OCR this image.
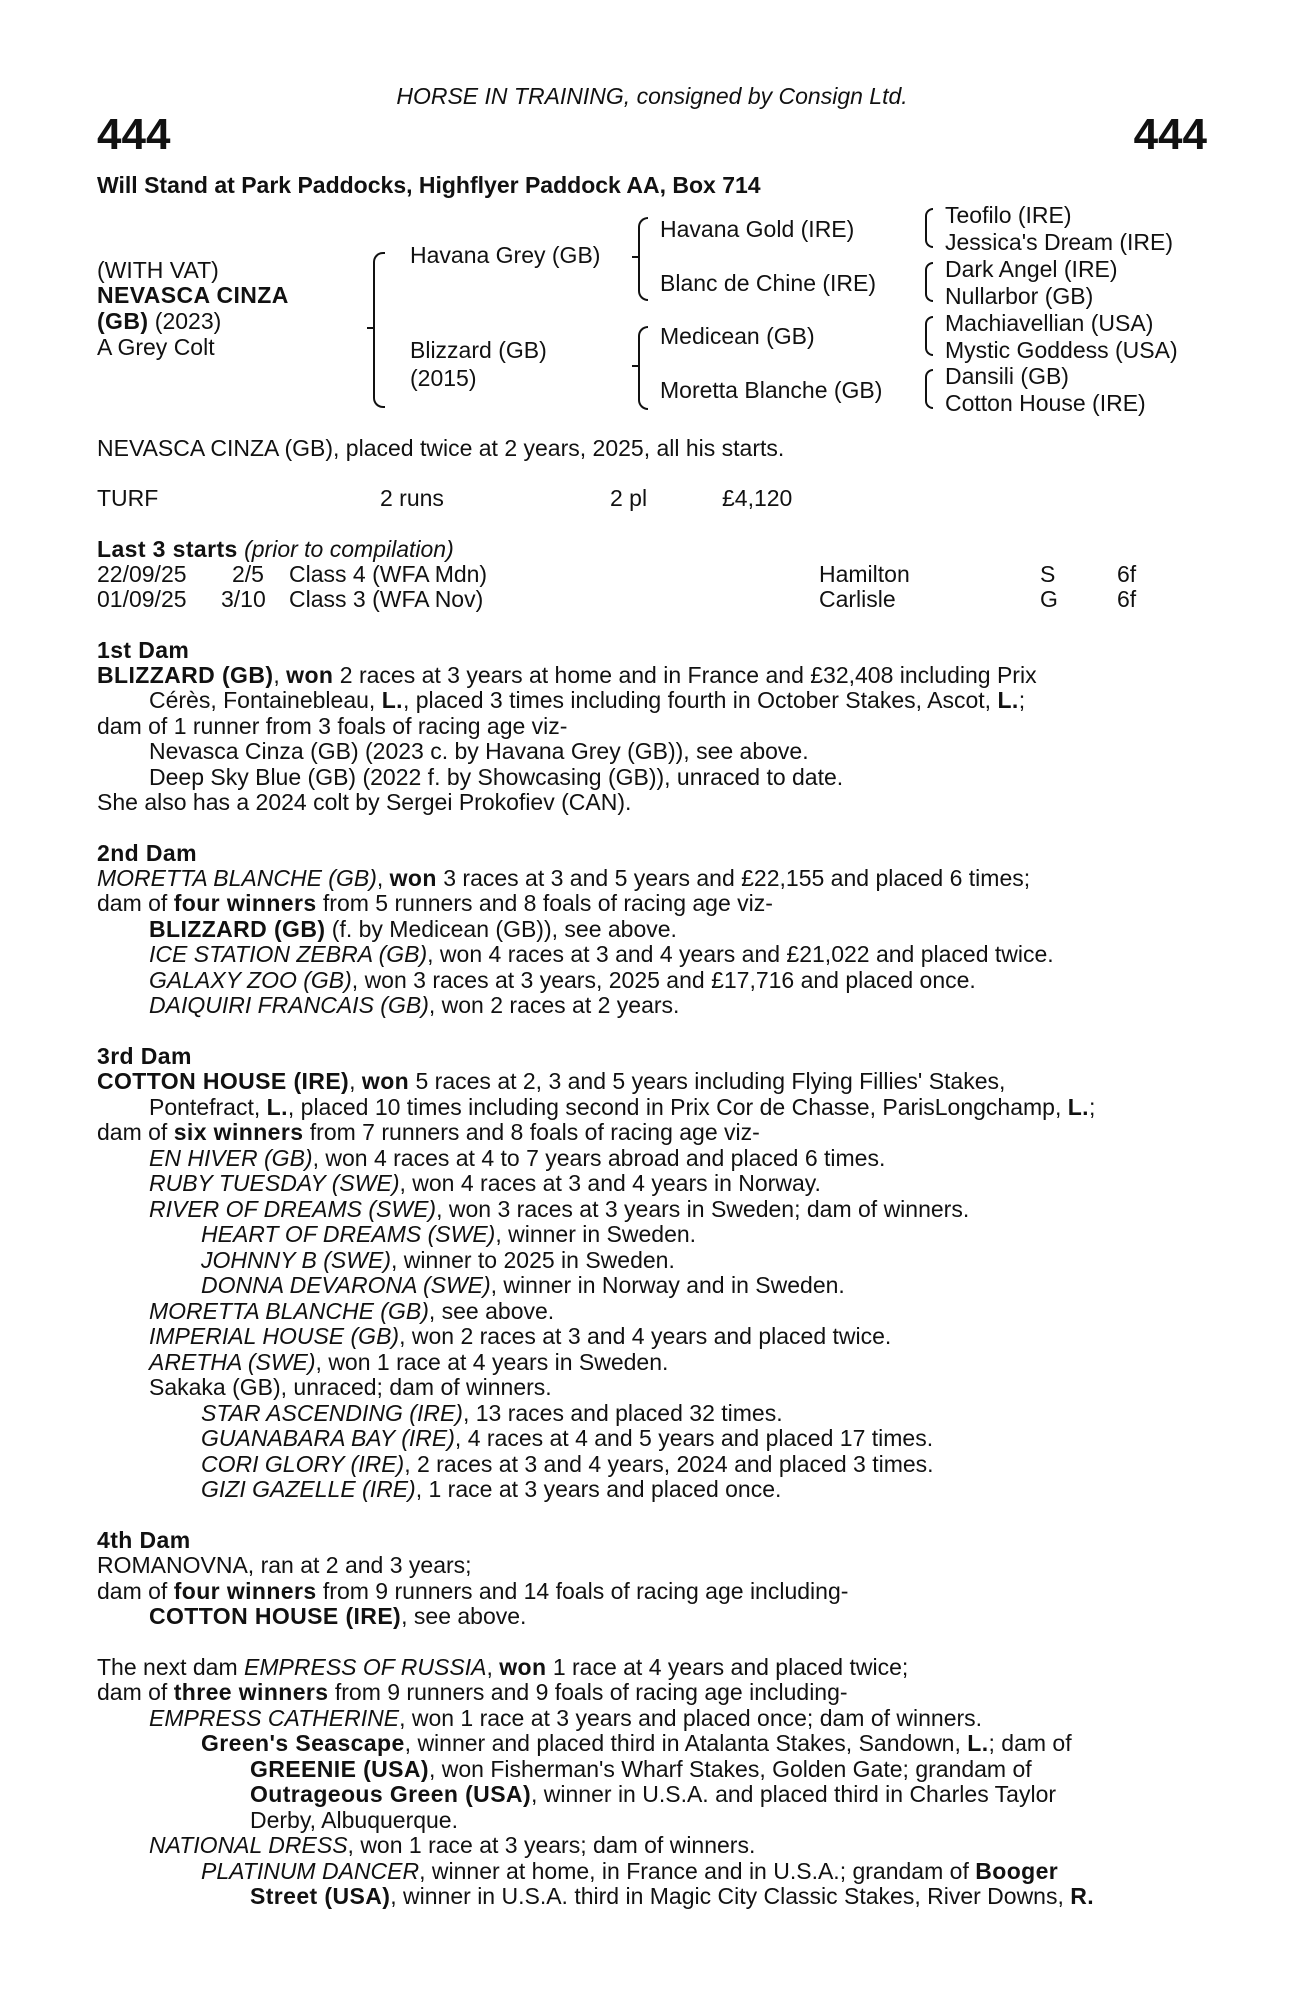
HORSE IN TRAINING, consigned by Consign Ltd.
444	444
Will Stand at Park Paddocks, Highflyer Paddock AA, Box 714
(WITH VAT)
NEVASCA CINZA
(GB) (2023)
A Grey Colt
Havana Grey (GB)
Blizzard (GB)
(2015)
Havana Gold (IRE)
Blanc de Chine (IRE)
Medicean (GB)
Moretta Blanche (GB)
Teofilo (IRE)
Jessica's Dream (IRE)
Dark Angel (IRE)
Nullarbor (GB)
Machiavellian (USA)
Mystic Goddess (USA)
Dansili (GB)
Cotton House (IRE)
NEVASCA CINZA (GB), placed twice at 2 years, 2025, all his starts.
TURF	2 runs	2 pl	£4,120
Last 3 starts (prior to compilation)
22/09/25 2/5 Class 4 (WFA Mdn)	Hamilton	S	6f
01/09/25 3/10 Class 3 (WFA Nov)	Carlisle	G	6f
1st Dam
BLIZZARD (GB), won 2 races at 3 years at home and in France and £32,408 including Prix
Cérès, Fontainebleau, L., placed 3 times including fourth in October Stakes, Ascot, L.;
dam of 1 runner from 3 foals of racing age viz-
Nevasca Cinza (GB) (2023 c. by Havana Grey (GB)), see above.
Deep Sky Blue (GB) (2022 f. by Showcasing (GB)), unraced to date.
She also has a 2024 colt by Sergei Prokofiev (CAN).
2nd Dam
MORETTA BLANCHE (GB), won 3 races at 3 and 5 years and £22,155 and placed 6 times;
dam of four winners from 5 runners and 8 foals of racing age viz-
BLIZZARD (GB) (f. by Medicean (GB)), see above.
ICE STATION ZEBRA (GB), won 4 races at 3 and 4 years and £21,022 and placed twice.
GALAXY ZOO (GB), won 3 races at 3 years, 2025 and £17,716 and placed once.
DAIQUIRI FRANCAIS (GB), won 2 races at 2 years.
3rd Dam
COTTON HOUSE (IRE), won 5 races at 2, 3 and 5 years including Flying Fillies' Stakes,
Pontefract, L., placed 10 times including second in Prix Cor de Chasse, ParisLongchamp, L.;
dam of six winners from 7 runners and 8 foals of racing age viz-
EN HIVER (GB), won 4 races at 4 to 7 years abroad and placed 6 times.
RUBY TUESDAY (SWE), won 4 races at 3 and 4 years in Norway.
RIVER OF DREAMS (SWE), won 3 races at 3 years in Sweden; dam of winners.
HEART OF DREAMS (SWE), winner in Sweden.
JOHNNY B (SWE), winner to 2025 in Sweden.
DONNA DEVARONA (SWE), winner in Norway and in Sweden.
MORETTA BLANCHE (GB), see above.
IMPERIAL HOUSE (GB), won 2 races at 3 and 4 years and placed twice.
ARETHA (SWE), won 1 race at 4 years in Sweden.
Sakaka (GB), unraced; dam of winners.
STAR ASCENDING (IRE), 13 races and placed 32 times.
GUANABARA BAY (IRE), 4 races at 4 and 5 years and placed 17 times.
CORI GLORY (IRE), 2 races at 3 and 4 years, 2024 and placed 3 times.
GIZI GAZELLE (IRE), 1 race at 3 years and placed once.
4th Dam
ROMANOVNA, ran at 2 and 3 years;
dam of four winners from 9 runners and 14 foals of racing age including-
COTTON HOUSE (IRE), see above.
The next dam EMPRESS OF RUSSIA, won 1 race at 4 years and placed twice;
dam of three winners from 9 runners and 9 foals of racing age including-
EMPRESS CATHERINE, won 1 race at 3 years and placed once; dam of winners.
Green's Seascape, winner and placed third in Atalanta Stakes, Sandown, L.; dam of
GREENIE (USA), won Fisherman's Wharf Stakes, Golden Gate; grandam of
Outrageous Green (USA), winner in U.S.A. and placed third in Charles Taylor
Derby, Albuquerque.
NATIONAL DRESS, won 1 race at 3 years; dam of winners.
PLATINUM DANCER, winner at home, in France and in U.S.A.; grandam of Booger
Street (USA), winner in U.S.A. third in Magic City Classic Stakes, River Downs, R.
